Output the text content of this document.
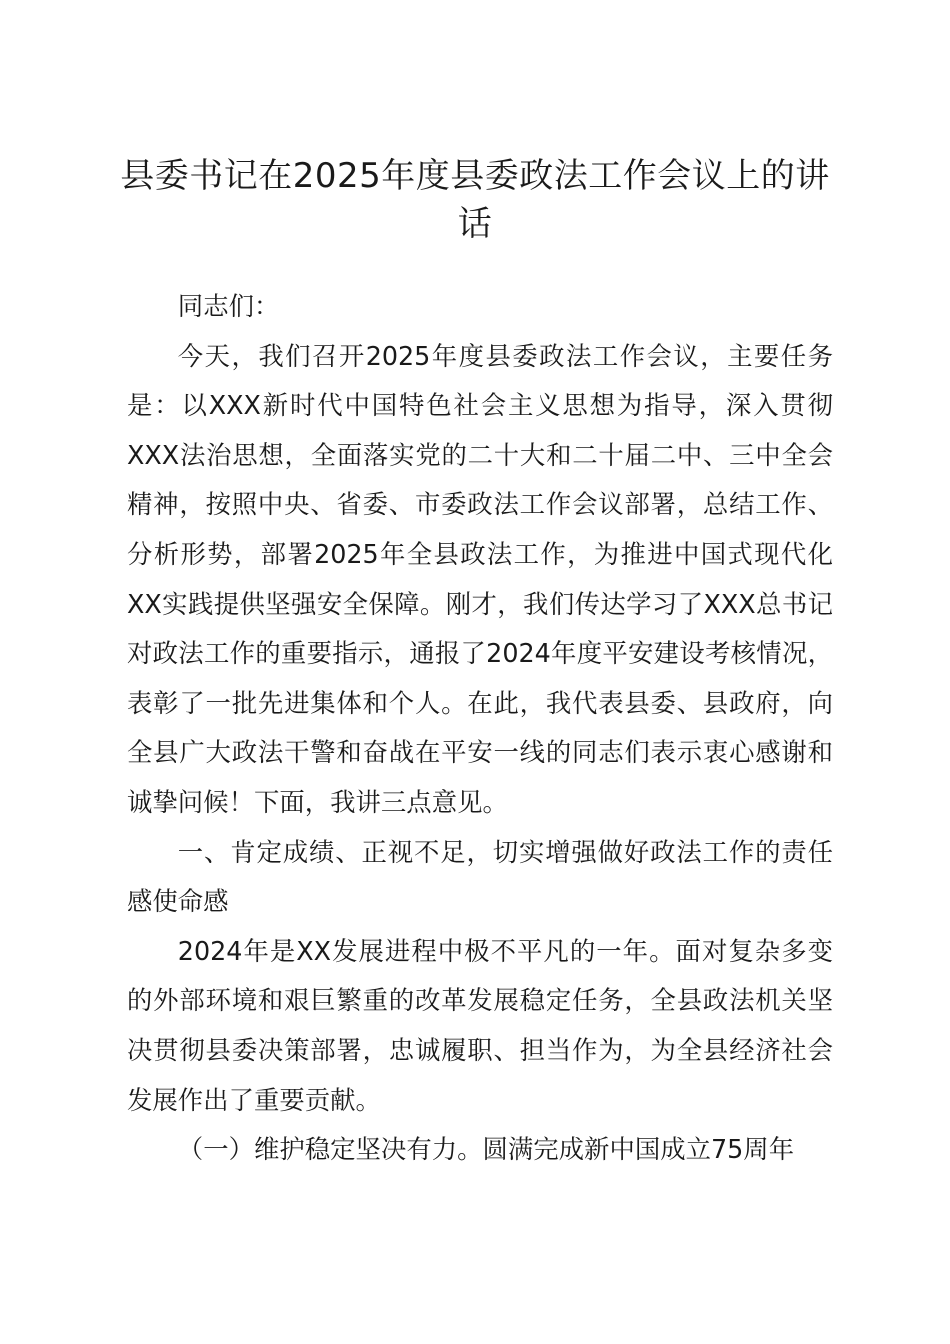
县委书记在2025年度县委政法工作会议上的讲话

同志们：

今天，我们召开2025年度县委政法工作会议，主要任务是：以XXX新时代中国特色社会主义思想为指导，深入贯彻XXX法治思想，全面落实党的二十大和二十届二中、三中全会精神，按照中央、省委、市委政法工作会议部署，总结工作、分析形势，部署2025年全县政法工作，为推进中国式现代化XX实践提供坚强安全保障。刚才，我们传达学习了XXX总书记对政法工作的重要指示，通报了2024年度平安建设考核情况，表彰了一批先进集体和个人。在此，我代表县委、县政府，向全县广大政法干警和奋战在平安一线的同志们表示衷心感谢和诚挚问候！下面，我讲三点意见。

一、肯定成绩、正视不足，切实增强做好政法工作的责任感使命感

2024年是XX发展进程中极不平凡的一年。面对复杂多变的外部环境和艰巨繁重的改革发展稳定任务，全县政法机关坚决贯彻县委决策部署，忠诚履职、担当作为，为全县经济社会发展作出了重要贡献。

（一）维护稳定坚决有力。圆满完成新中国成立75周年
